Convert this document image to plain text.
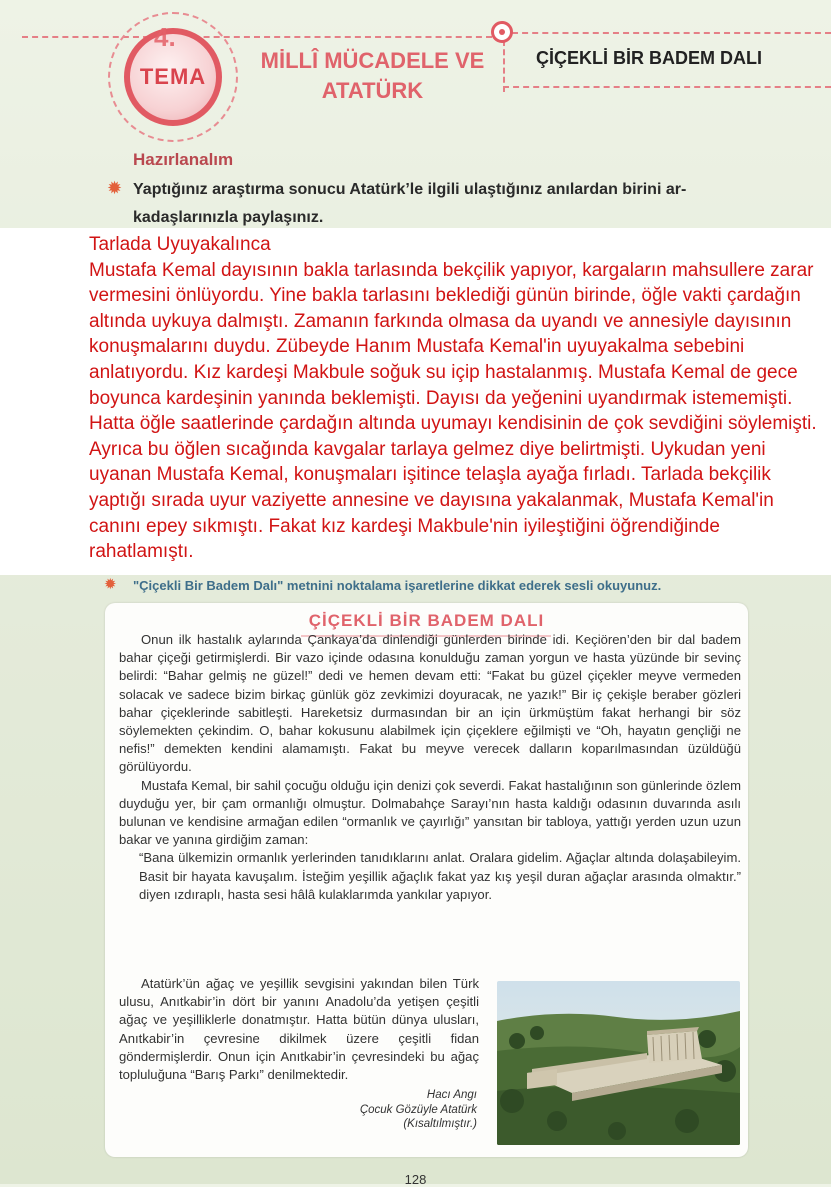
TEMA
4.
MİLLÎ MÜCADELE VE
ATATÜRK
ÇİÇEKLİ BİR BADEM DALI
Hazırlanalım
✹ Yaptığınız araştırma sonucu Atatürk’le ilgili ulaştığınız anılardan birini ar-kadaşlarınızla paylaşınız.

Tarlada Uyuyakalınca

Mustafa Kemal dayısının bakla tarlasında bekçilik yapıyor, kargaların mahsullere zarar vermesini önlüyordu. Yine bakla tarlasını beklediği günün birinde, öğle vakti çardağın altında uykuya dalmıştı. Zamanın farkında olmasa da uyandı ve annesiyle dayısının konuşmalarını duydu. Zübeyde Hanım Mustafa Kemal'in uyuyakalma sebebini anlatıyordu. Kız kardeşi Makbule soğuk su içip hastalanmış. Mustafa Kemal de gece boyunca kardeşinin yanında beklemişti. Dayısı da yeğenini uyandırmak istememişti. Hatta öğle saatlerinde çardağın altında uyumayı kendisinin de çok sevdiğini söylemişti. Ayrıca bu öğlen sıcağında kavgalar tarlaya gelmez diye belirtmişti. Uykudan yeni uyanan Mustafa Kemal, konuşmaları işitince telaşla ayağa fırladı. Tarlada bekçilik yaptığı sırada uyur vaziyette annesine ve dayısına yakalanmak, Mustafa Kemal'in canını epey sıkmıştı. Fakat kız kardeşi Makbule'nin iyileştiğini öğrendiğinde rahatlamıştı.

✹ "Çiçekli Bir Badem Dalı" metnini noktalama işaretlerine dikkat ederek sesli okuyunuz.
ÇİÇEKLİ BİR BADEM DALI

Onun ilk hastalık aylarında Çankaya’da dinlendiği günlerden birinde idi. Keçiören’den bir dal badem bahar çiçeği getirmişlerdi. Bir vazo içinde odasına konulduğu zaman yorgun ve hasta yüzünde bir sevinç belirdi: “Bahar gelmiş ne güzel!” dedi ve hemen devam etti: “Fakat bu güzel çiçekler meyve vermeden solacak ve sadece bizim birkaç günlük göz zevkimizi doyuracak, ne yazık!” Bir iç çekişle beraber gözleri bahar çiçeklerinde sabitleşti. Hareketsiz durmasından bir an için ürkmüştüm fakat herhangi bir söz söylemekten çekindim. O, bahar kokusunu alabilmek için çiçeklere eğilmişti ve “Oh, hayatın gençliği ne nefis!” demekten kendini alamamıştı. Fakat bu meyve verecek dalların koparılmasından üzüldüğü görülüyordu.

Mustafa Kemal, bir sahil çocuğu olduğu için denizi çok severdi. Fakat hastalığının son günlerinde özlem duyduğu yer, bir çam ormanlığı olmuştur. Dolmabahçe Sarayı’nın hasta kaldığı odasının duvarında asılı bulunan ve kendisine armağan edilen “ormanlık ve çayırlığı” yansıtan bir tabloya, yattığı yerden uzun uzun bakar ve yanına girdiğim zaman:

“Bana ülkemizin ormanlık yerlerinden tanıdıklarını anlat. Oralara gidelim. Ağaçlar altında dolaşabileyim. Basit bir hayata kavuşalım. İsteğim yeşillik ağaçlık fakat yaz kış yeşil duran ağaçlar arasında olmaktır.” diyen ızdıraplı, hasta sesi hâlâ kulaklarımda yankılar yapıyor.

Atatürk’ün ağaç ve yeşillik sevgisini yakından bilen Türk ulusu, Anıtkabir’in dört bir yanını Anadolu’da yetişen çeşitli ağaç ve yeşilliklerle donatmıştır. Hatta bütün dünya ulusları, Anıtkabir’in çevresine dikilmek üzere çeşitli fidan göndermişlerdir. Onun için Anıtkabir’in çevresindeki bu ağaç topluluğuna “Barış Parkı” denilmektedir.
Hacı Angı
Çocuk Gözüyle Atatürk
(Kısaltılmıştır.)
128
